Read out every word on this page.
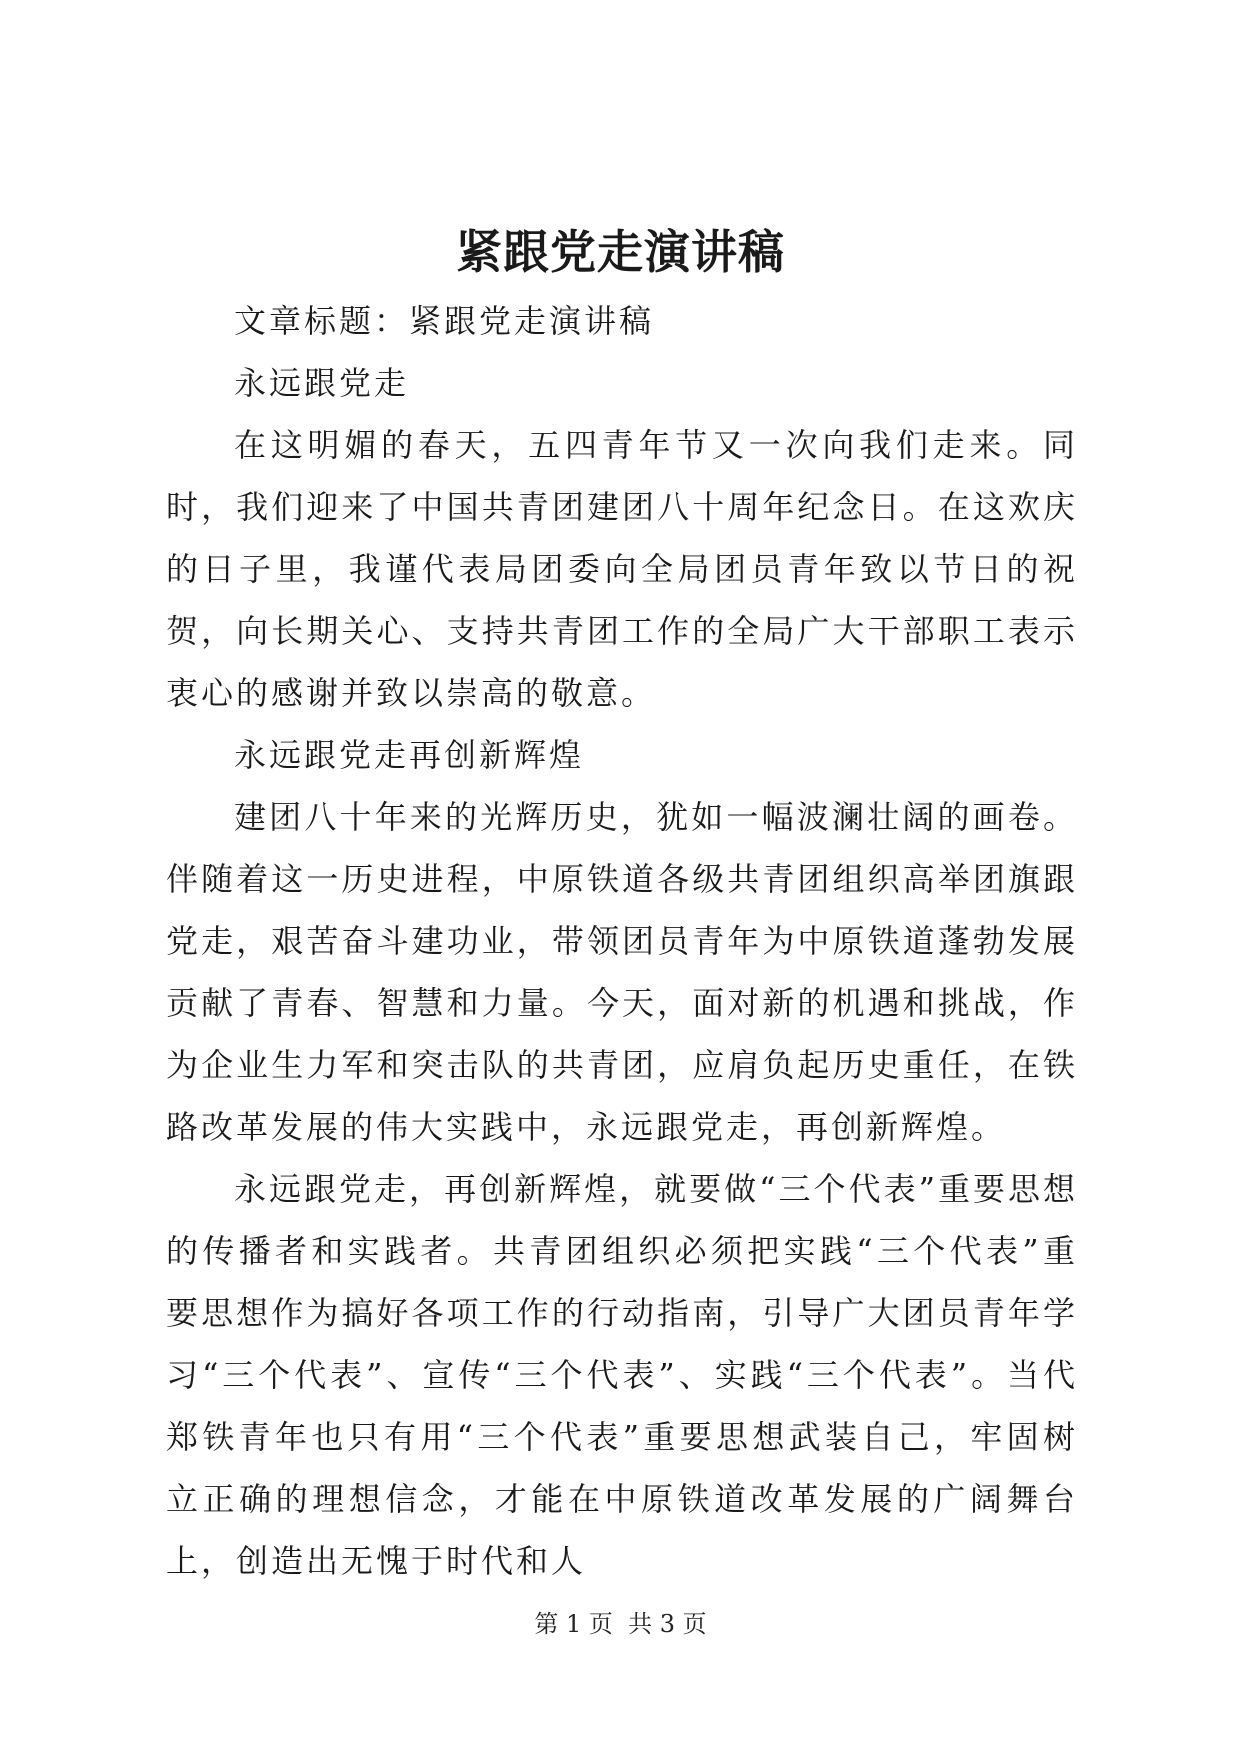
紧跟党走演讲稿

文章标题：紧跟党走演讲稿

永远跟党走

在这明媚的春天，五四青年节又一次向我们走来。同时，我们迎来了中国共青团建团八十周年纪念日。在这欢庆的日子里，我谨代表局团委向全局团员青年致以节日的祝贺，向长期关心、支持共青团工作的全局广大干部职工表示衷心的感谢并致以崇高的敬意。

永远跟党走再创新辉煌

建团八十年来的光辉历史，犹如一幅波澜壮阔的画卷。伴随着这一历史进程，中原铁道各级共青团组织高举团旗跟党走，艰苦奋斗建功业，带领团员青年为中原铁道蓬勃发展贡献了青春、智慧和力量。今天，面对新的机遇和挑战，作为企业生力军和突击队的共青团，应肩负起历史重任，在铁路改革发展的伟大实践中，永远跟党走，再创新辉煌。

永远跟党走，再创新辉煌，就要做“三个代表”重要思想的传播者和实践者。共青团组织必须把实践“三个代表”重要思想作为搞好各项工作的行动指南，引导广大团员青年学习“三个代表”、宣传“三个代表”、实践“三个代表”。当代郑铁青年也只有用“三个代表”重要思想武装自己，牢固树立正确的理想信念，才能在中原铁道改革发展的广阔舞台上，创造出无愧于时代和人

第 1 页  共 3 页
